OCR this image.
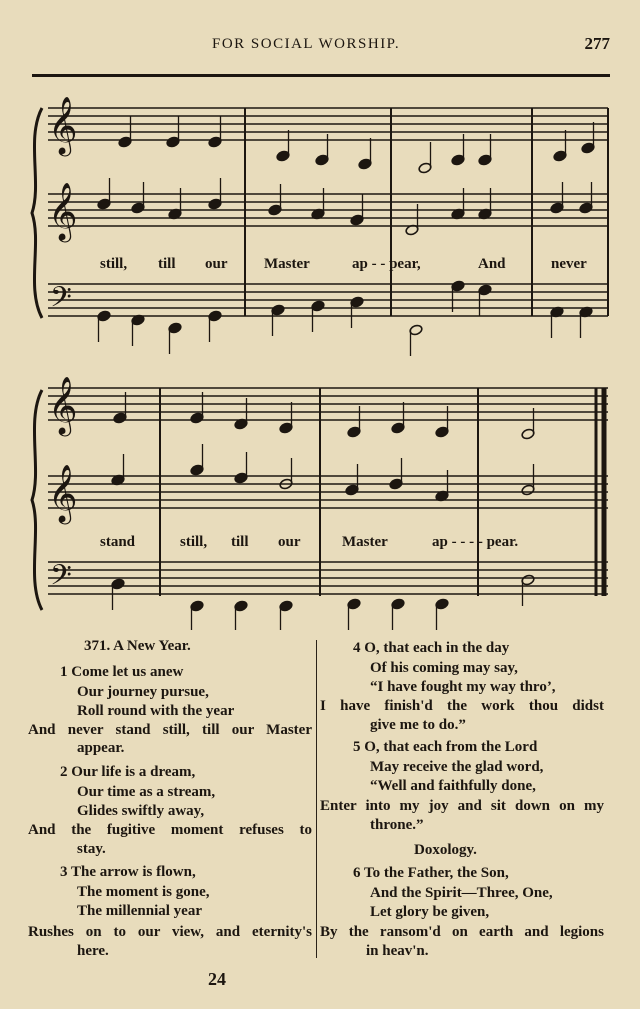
FOR SOCIAL WORSHIP.	277
𝄞
𝄞
𝄢
𝄞
𝄞
𝄢
still, till our Master	ap - - pear,	And	never
stand	still, till our	Master	ap - - - - pear.
371. A New Year.
1 Come let us anew
Our journey pursue,
Roll round with the year
And never stand still, till our Master
appear.
2 Our life is a dream,
Our time as a stream,
Glides swiftly away,
And the fugitive moment refuses to
stay.
3 The arrow is flown,
The moment is gone,
The millennial year
Rushes on to our view, and eternity's
here.
4 O, that each in the day
Of his coming may say,
“I have fought my way thro’,
I have finish'd the work thou didst
give me to do.”
5 O, that each from the Lord
May receive the glad word,
“Well and faithfully done,
Enter into my joy and sit down on my
throne.”
Doxology.
6 To the Father, the Son,
And the Spirit—Three, One,
Let glory be given,
By the ransom'd on earth and legions
in heav'n.
24
